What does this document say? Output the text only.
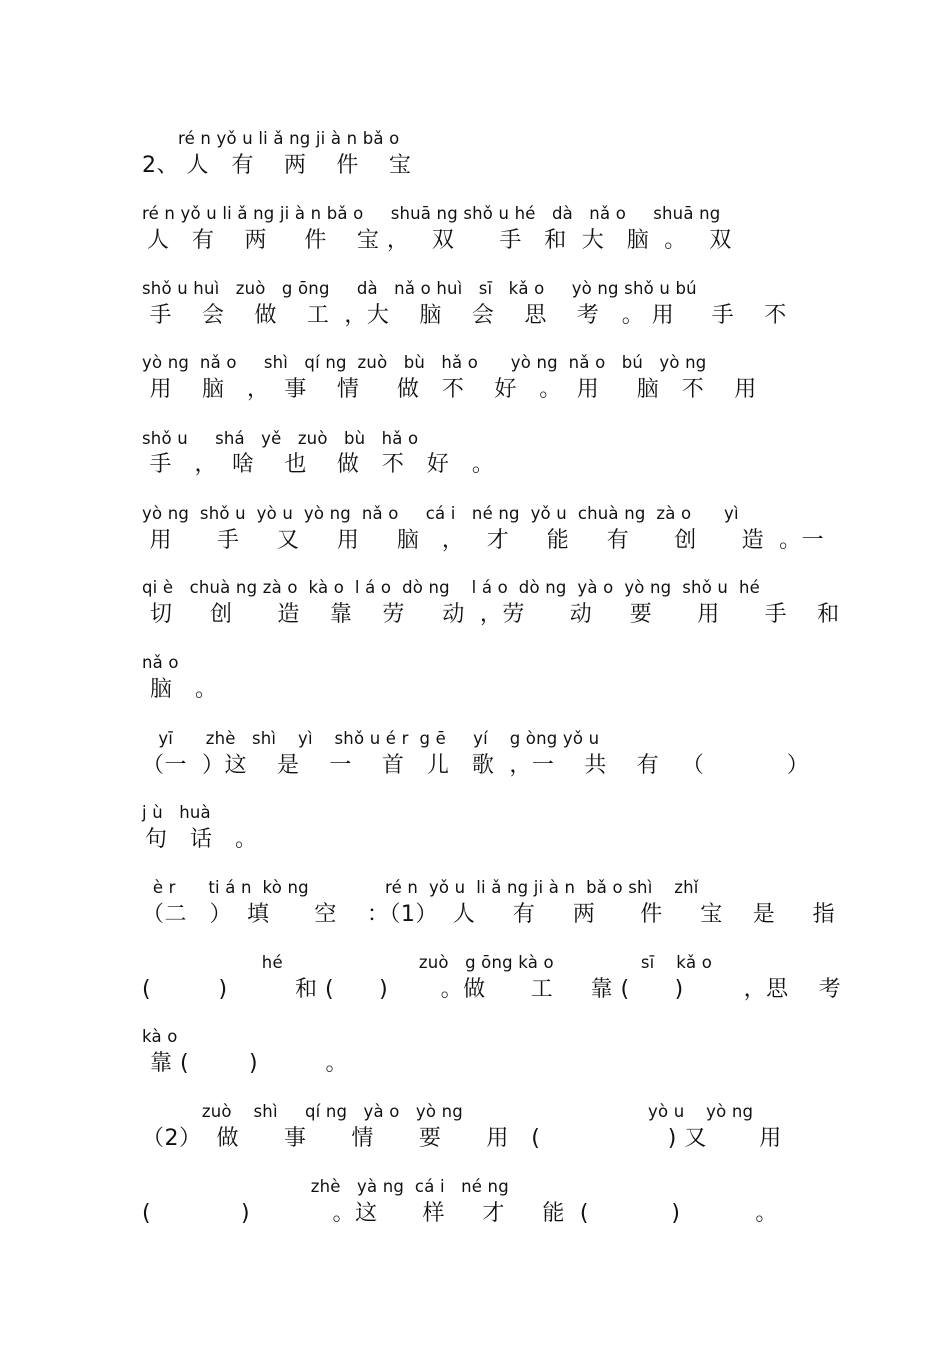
ré n yǒ u li ǎ ng ji à n bǎ o
2、 人   有    两    件    宝
ré n yǒ u li ǎ ng ji à n bǎ o     shuā ng shǒ u hé   dà   nǎ o     shuā ng
人   有    两     件    宝 ，   双      手   和  大   脑  。   双
shǒ u huì   zuò   g ōng     dà   nǎ o huì   sī   kǎ o     yò ng shǒ u bú
手    会    做    工  ，大    脑    会    思    考   。 用     手    不
yò ng  nǎ o     shì   qí ng  zuò   bù   hǎ o      yò ng  nǎ o   bú   yò ng
用    脑   ，  事    情     做   不    好   。  用     脑   不    用
shǒ u     shá   yě   zuò   bù   hǎ o
手   ，  啥    也    做   不   好   。
yò ng  shǒ u  yò u  yò ng  nǎ o     cá i   né ng  yǒ u  chuà ng  zà o      yì
用      手     又     用     脑   ，   才     能     有      创      造  。一
qi è   chuà ng zà o  kà o  l á o  dò ng    l á o  dò ng  yà o  yò ng  shǒ u  hé
切     创      造    靠    劳     动  ，劳      动     要      用      手    和
nǎ o
脑   。
yī      zhè   shì    yì    shǒ u é r  g ē     yí    g òng yǒ u
（一  ）这    是    一    首   儿   歌  ，一    共    有   （           ）
j ù   huà
句   话   。
è r      ti á n  kò ng              ré n  yǒ u  li ǎ ng ji à n  bǎ o shì    zhǐ
（二   ）  填      空    ：（1）  人     有     两      件     宝    是     指
hé                         zuò   g ōng kà o                sī    kǎ o
(         )         和 (      )       。做      工     靠 (      )        ，思    考
kà o
靠 (        )         。
zuò    shì     qí ng   yà o   yò ng                                  yò u    yò ng
（2）  做      事      情      要      用   (                 ) 又       用
zhè   yà ng  cá i   né ng
(            )           。这      样     才     能  (           )          。
